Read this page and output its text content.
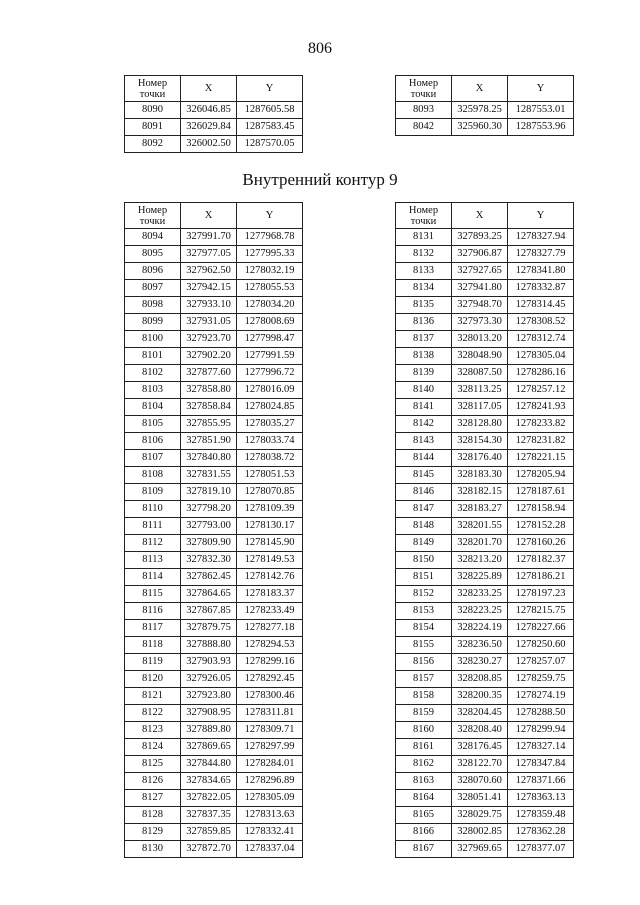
806
Номер
точки	X	Y
8090	326046.85	1287605.58
8091	326029.84	1287583.45
8092	326002.50	1287570.05
Номер
точки	X	Y
8093	325978.25	1287553.01
8042	325960.30	1287553.96
Внутренний контур 9
Номер
точки	X	Y
8094	327991.70	1277968.78
8095	327977.05	1277995.33
8096	327962.50	1278032.19
8097	327942.15	1278055.53
8098	327933.10	1278034.20
8099	327931.05	1278008.69
8100	327923.70	1277998.47
8101	327902.20	1277991.59
8102	327877.60	1277996.72
8103	327858.80	1278016.09
8104	327858.84	1278024.85
8105	327855.95	1278035.27
8106	327851.90	1278033.74
8107	327840.80	1278038.72
8108	327831.55	1278051.53
8109	327819.10	1278070.85
8110	327798.20	1278109.39
8111	327793.00	1278130.17
8112	327809.90	1278145.90
8113	327832.30	1278149.53
8114	327862.45	1278142.76
8115	327864.65	1278183.37
8116	327867.85	1278233.49
8117	327879.75	1278277.18
8118	327888.80	1278294.53
8119	327903.93	1278299.16
8120	327926.05	1278292.45
8121	327923.80	1278300.46
8122	327908.95	1278311.81
8123	327889.80	1278309.71
8124	327869.65	1278297.99
8125	327844.80	1278284.01
8126	327834.65	1278296.89
8127	327822.05	1278305.09
8128	327837.35	1278313.63
8129	327859.85	1278332.41
8130	327872.70	1278337.04
Номер
точки	X	Y
8131	327893.25	1278327.94
8132	327906.87	1278327.79
8133	327927.65	1278341.80
8134	327941.80	1278332.87
8135	327948.70	1278314.45
8136	327973.30	1278308.52
8137	328013.20	1278312.74
8138	328048.90	1278305.04
8139	328087.50	1278286.16
8140	328113.25	1278257.12
8141	328117.05	1278241.93
8142	328128.80	1278233.82
8143	328154.30	1278231.82
8144	328176.40	1278221.15
8145	328183.30	1278205.94
8146	328182.15	1278187.61
8147	328183.27	1278158.94
8148	328201.55	1278152.28
8149	328201.70	1278160.26
8150	328213.20	1278182.37
8151	328225.89	1278186.21
8152	328233.25	1278197.23
8153	328223.25	1278215.75
8154	328224.19	1278227.66
8155	328236.50	1278250.60
8156	328230.27	1278257.07
8157	328208.85	1278259.75
8158	328200.35	1278274.19
8159	328204.45	1278288.50
8160	328208.40	1278299.94
8161	328176.45	1278327.14
8162	328122.70	1278347.84
8163	328070.60	1278371.66
8164	328051.41	1278363.13
8165	328029.75	1278359.48
8166	328002.85	1278362.28
8167	327969.65	1278377.07
